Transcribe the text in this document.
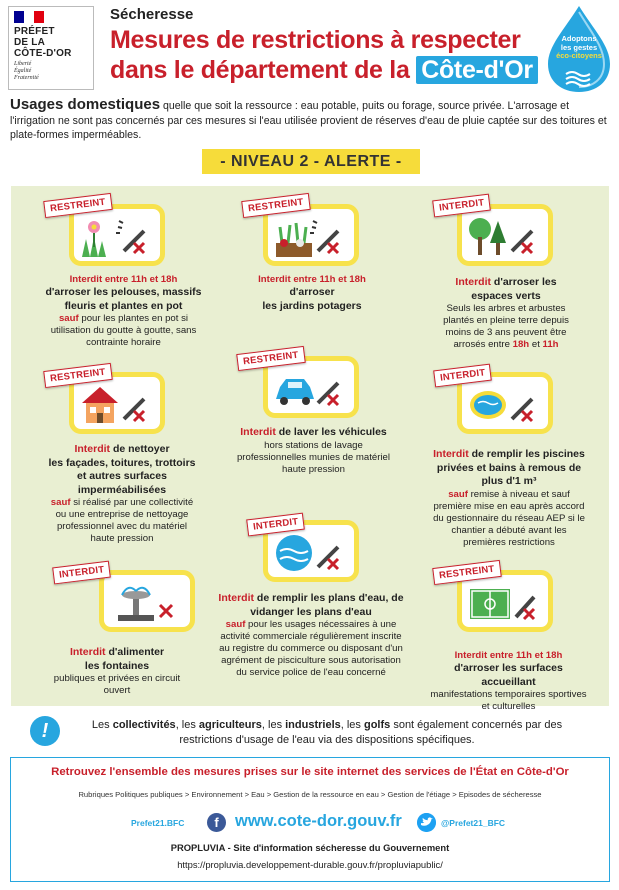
PRÉFET
DE LA
CÔTE-D'OR
Liberté
Égalité
Fraternité
Sécheresse
Mesures de restrictions à respecter
dans le département de la Côte-d'Or
Adoptons
les gestes
éco-citoyens
Usages domestiques quelle que soit la ressource : eau potable, puits ou forage, source privée. L'arrosage et l'irrigation ne sont pas concernés par ces mesures si l'eau utilisée provient de réserves d'eau de pluie captée sur des toitures et plate-formes imperméables.
- NIVEAU 2 - ALERTE -
RESTREINT
Interdit entre 11h et 18h
d'arroser les pelouses, massifs fleuris et plantes en pot
sauf pour les plantes en pot si utilisation du goutte à goutte, sans contrainte horaire
RESTREINT
Interdit entre 11h et 18h
d'arroser
les jardins potagers
INTERDIT
Interdit d'arroser les
espaces verts
Seuls les arbres et arbustes plantés en pleine terre depuis moins de 3 ans peuvent être arrosés entre 18h et 11h
RESTREINT
Interdit de nettoyer
les façades, toitures, trottoirs et autres surfaces imperméabilisées
sauf si réalisé par une collectivité ou une entreprise de nettoyage professionnel avec du matériel haute pression
RESTREINT
Interdit de laver les véhicules
hors stations de lavage professionnelles munies de matériel haute pression
INTERDIT
Interdit de remplir les piscines privées et bains à remous de plus d'1 m³
sauf remise à niveau et sauf première mise en eau après accord du gestionnaire du réseau AEP si le chantier a débuté avant les premières restrictions
INTERDIT
Interdit d'alimenter
les fontaines
publiques et privées en circuit ouvert
INTERDIT
Interdit de remplir les plans d'eau, de vidanger les plans d'eau
sauf pour les usages nécessaires à une activité commerciale régulièrement inscrite au registre du commerce ou disposant d'un agrément de pisciculture sous autorisation du service police de l'eau concerné
RESTREINT
Interdit entre 11h et 18h
d'arroser les surfaces accueillant
manifestations temporaires sportives et culturelles
!	Les collectivités, les agriculteurs, les industriels, les golfs sont également concernés par des restrictions d'usage de l'eau via des dispositions spécifiques.
Retrouvez l'ensemble des mesures prises sur le site internet des services de l'État en Côte-d'Or
Rubriques Politiques publiques > Environnement > Eau > Gestion de la ressource en eau > Gestion de l'étiage > Episodes de sécheresse
Prefet21.BFC	f www.cote-dor.gouv.fr	@Prefet21_BFC
PROPLUVIA - Site d'information sécheresse du Gouvernement
https://propluvia.developpement-durable.gouv.fr/propluviapublic/
